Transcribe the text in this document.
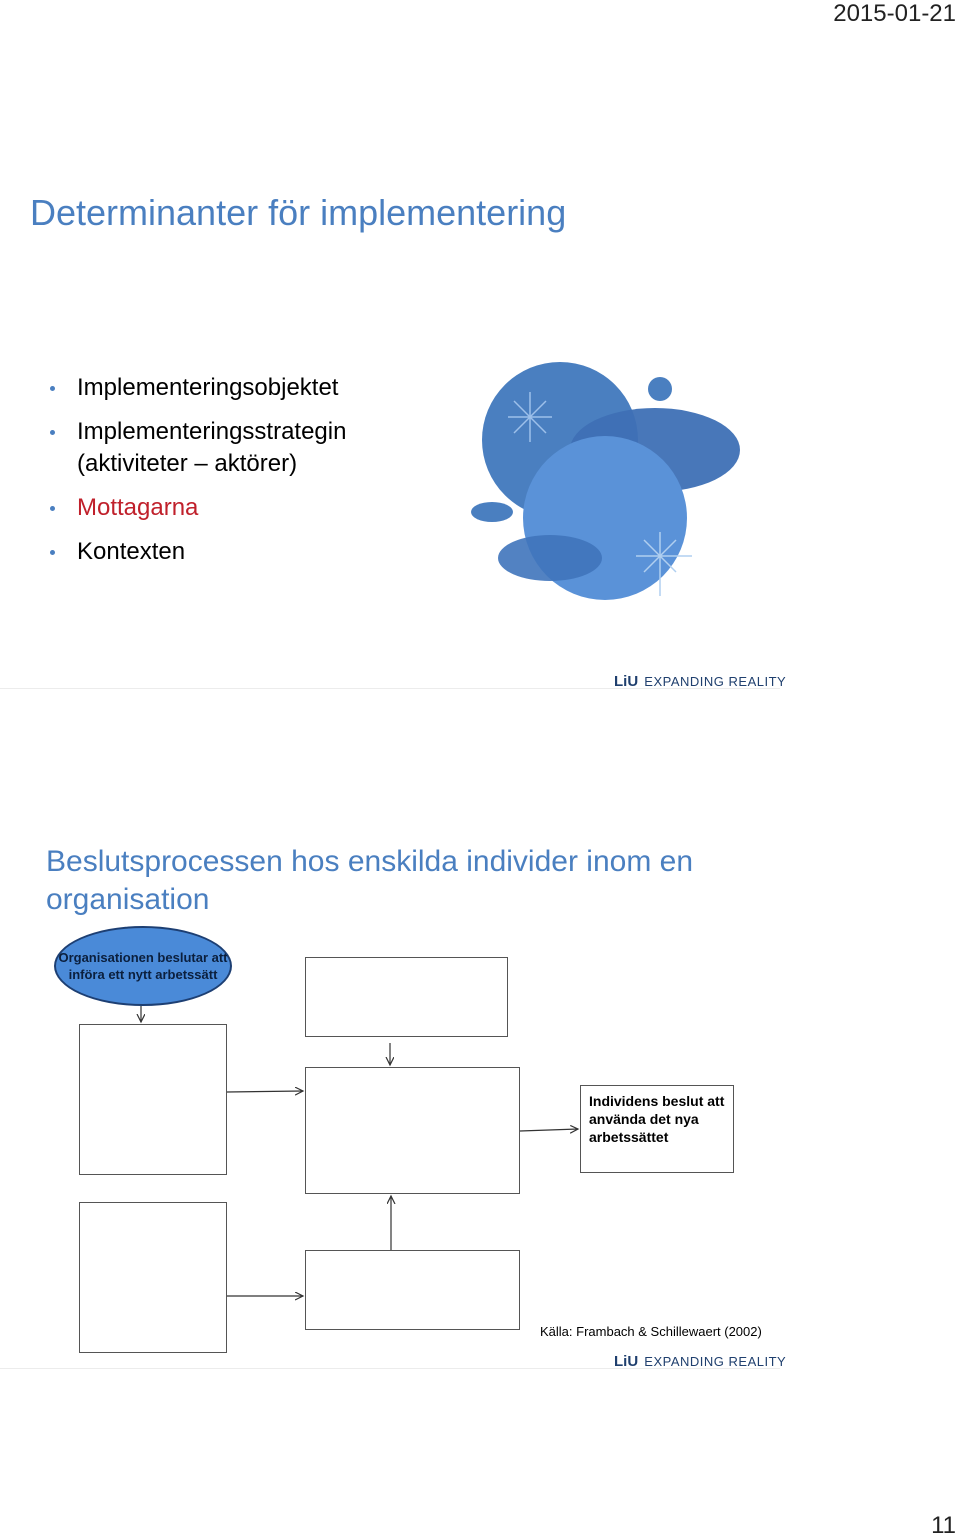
2015-01-21
Determinanter för implementering
Implementeringsobjektet
Implementeringsstrategin
(aktiviteter – aktörer)
Mottagarna
Kontexten
LiU EXPANDING REALITY
Beslutsprocessen hos enskilda individer inom en organisation
Organisationen beslutar att införa ett nytt arbetssätt
Individens beslut att använda det nya arbetssättet
Källa: Frambach & Schillewaert (2002)
LiU EXPANDING REALITY
11
